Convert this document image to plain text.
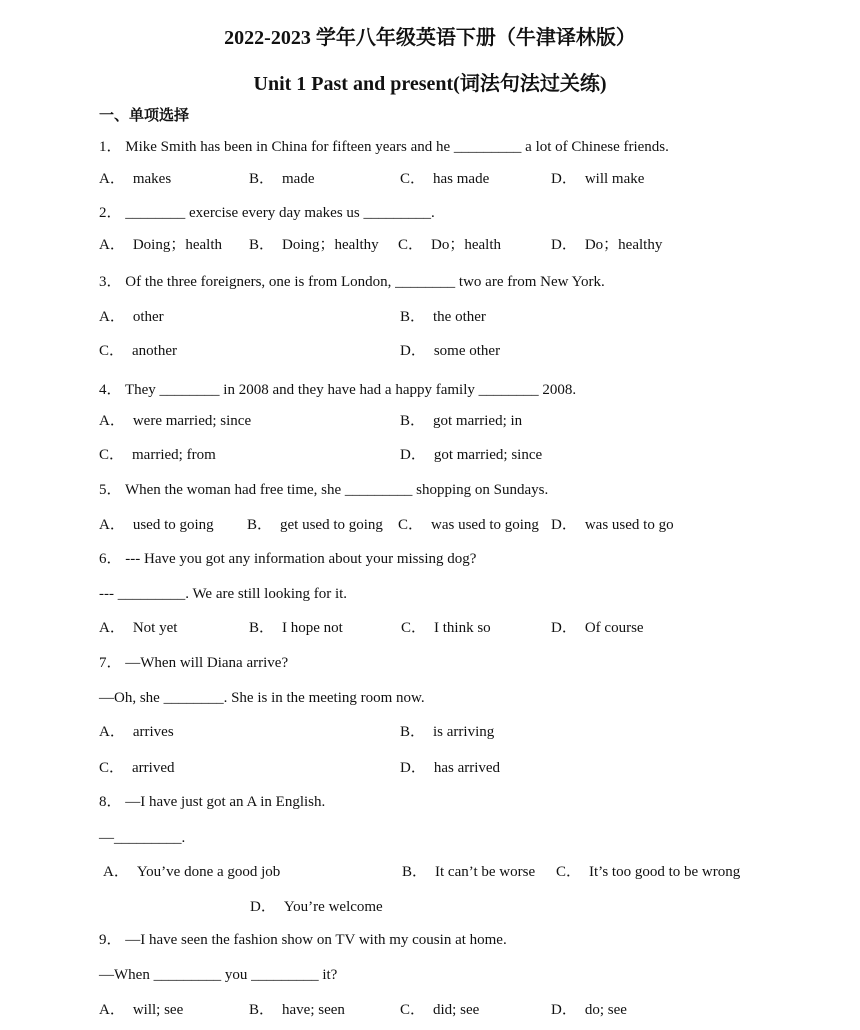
2022-2023 学年八年级英语下册（牛津译林版）
Unit 1 Past and present(词法句法过关练)
一、单项选择
1． Mike Smith has been in China for fifteen years and he _________ a lot of Chinese friends.
A． makes	B． made	C． has made	D． will make
2． ________ exercise every day makes us _________.
A． Doing；health B． Doing；healthy C． Do；health	D． Do；healthy
3． Of the three foreigners, one is from London, ________ two are from New York.
A． other	B． the other
C． another	D． some other
4． They ________ in 2008 and they have had a happy family ________ 2008.
A． were married; since	B． got married; in
C． married; from	D． got married; since
5． When the woman had free time, she _________ shopping on Sundays.
A． used to going B． get used to going C． was used to going D． was used to go
6． --- Have you got any information about your missing dog?
--- _________. We are still looking for it.
A． Not yet	B． I hope not	C． I think so	D． Of course
7． —When will Diana arrive?
—Oh, she ________. She is in the meeting room now.
A． arrives	B． is arriving
C． arrived	D． has arrived
8． —I have just got an A in English.
—_________.
A． You’ve done a good job	B． It can’t be worse C． It’s too good to be wrong
D． You’re welcome
9． —I have seen the fashion show on TV with my cousin at home.
—When _________ you _________ it?
A． will; see	B． have; seen	C． did; see	D． do; see
